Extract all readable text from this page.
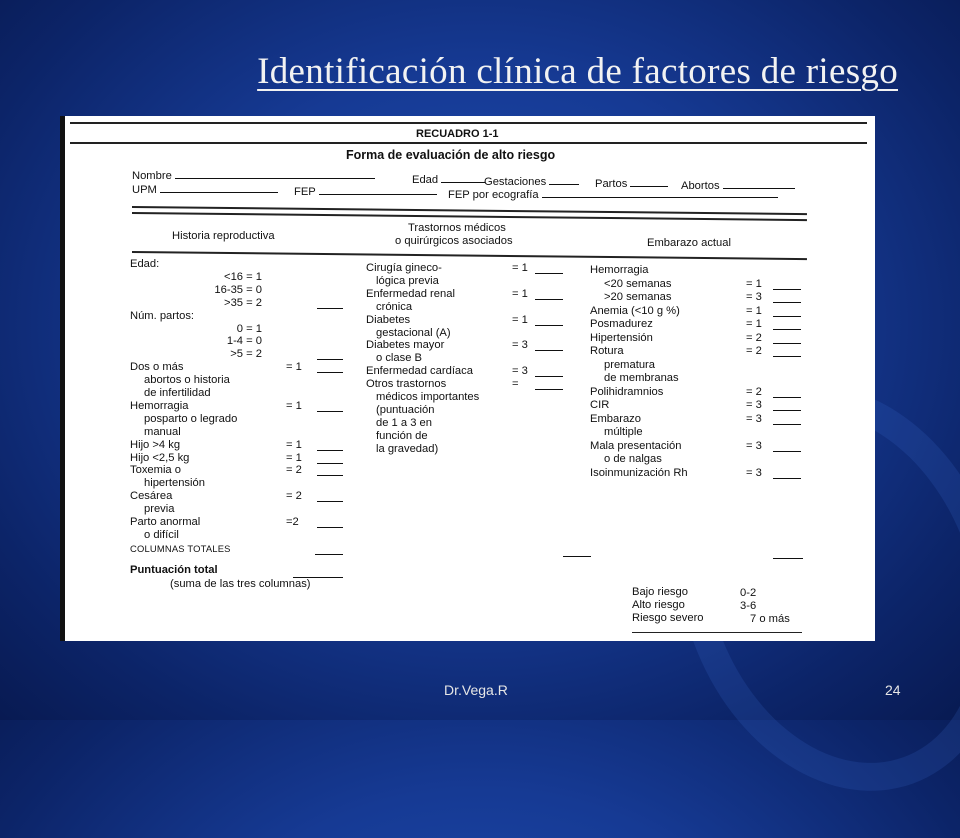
Identificación clínica de factores de riesgo
RECUADRO 1-1
Forma de evaluación de alto riesgo
Nombre	Edad	Gestaciones	Partos	Abortos
UPM	FEP	FEP por ecografía
Historia reproductiva
Trastornos médicos
o quirúrgicos asociados	Embarazo actual
Edad:
<16 = 1
16-35 = 0
>35 = 2
Núm. partos:
0 = 1
1-4 = 0
>5 = 2
Dos o más	= 1
abortos o historia
de infertilidad
Hemorragia	= 1
posparto o legrado
manual
Hijo >4 kg	= 1
Hijo <2,5 kg	= 1
Toxemia o	= 2
hipertensión
Cesárea	= 2
previa
Parto anormal	=2
o difícil
Cirugía gineco-	= 1
lógica previa
Enfermedad renal	= 1
crónica
Diabetes	= 1
gestacional (A)
Diabetes mayor	= 3
o clase B
Enfermedad cardíaca	= 3
Otros trastornos	=
médicos importantes
(puntuación
de 1 a 3 en
función de
la gravedad)
Hemorragia
<20 semanas	= 1
>20 semanas	= 3
Anemia (<10 g %)	= 1
Posmadurez	= 1
Hipertensión	= 2
Rotura	= 2
prematura
de membranas
Polihidramnios	= 2
CIR	= 3
Embarazo	= 3
múltiple
Mala presentación	= 3
o de nalgas
Isoinmunización Rh	= 3
COLUMNAS TOTALES
Puntuación total
(suma de las tres columnas)
Bajo riesgo	0-2
Alto riesgo	3-6
Riesgo severo	7 o más
Dr.Vega.R	24
